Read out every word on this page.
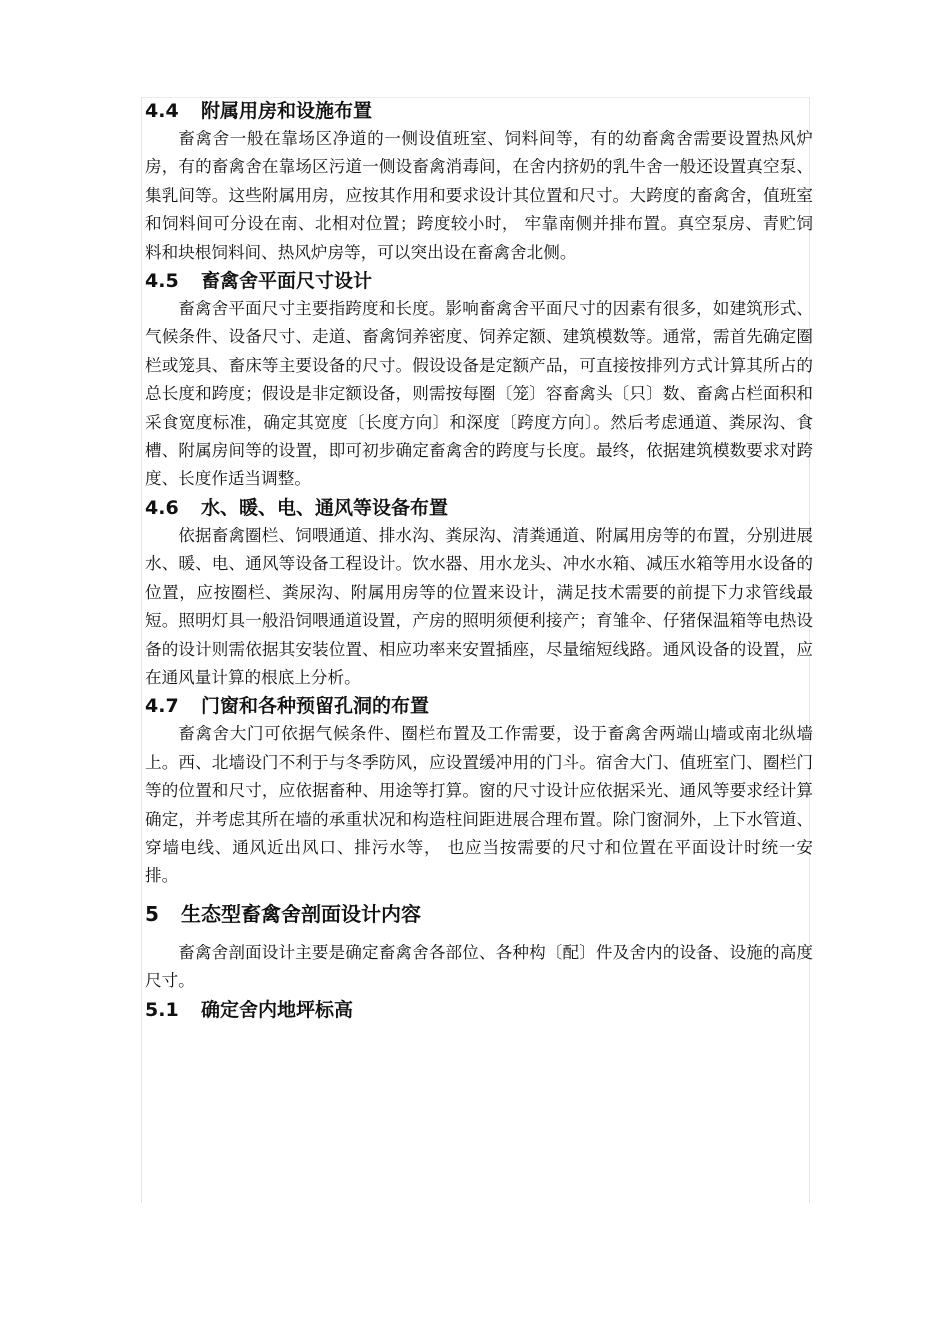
4.4 附属用房和设施布置

畜禽舍一般在靠场区净道的一侧设值班室、饲料间等，有的幼畜禽舍需要设置热风炉房，有的畜禽舍在靠场区污道一侧设畜禽消毒间，在舍内挤奶的乳牛舍一般还设置真空泵、集乳间等。这些附属用房，应按其作用和要求设计其位置和尺寸。大跨度的畜禽舍，值班室和饲料间可分设在南、北相对位置；跨度较小时， 牢靠南侧并排布置。真空泵房、青贮饲料和块根饲料间、热风炉房等，可以突出设在畜禽舍北侧。

4.5 畜禽舍平面尺寸设计

畜禽舍平面尺寸主要指跨度和长度。影响畜禽舍平面尺寸的因素有很多，如建筑形式、气候条件、设备尺寸、走道、畜禽饲养密度、饲养定额、建筑模数等。通常，需首先确定圈栏或笼具、畜床等主要设备的尺寸。假设设备是定额产品，可直接按排列方式计算其所占的总长度和跨度；假设是非定额设备，则需按每圈〔笼〕容畜禽头〔只〕数、畜禽占栏面积和采食宽度标准，确定其宽度〔长度方向〕和深度〔跨度方向〕。然后考虑通道、粪尿沟、食槽、附属房间等的设置，即可初步确定畜禽舍的跨度与长度。最终，依据建筑模数要求对跨度、长度作适当调整。

4.6 水、暖、电、通风等设备布置

依据畜禽圈栏、饲喂通道、排水沟、粪尿沟、清粪通道、附属用房等的布置，分别进展水、暖、电、通风等设备工程设计。饮水器、用水龙头、冲水水箱、减压水箱等用水设备的位置，应按圈栏、粪尿沟、附属用房等的位置来设计，满足技术需要的前提下力求管线最短。照明灯具一般沿饲喂通道设置，产房的照明须便利接产；育雏伞、仔猪保温箱等电热设备的设计则需依据其安装位置、相应功率来安置插座，尽量缩短线路。通风设备的设置，应在通风量计算的根底上分析。

4.7 门窗和各种预留孔洞的布置

畜禽舍大门可依据气候条件、圈栏布置及工作需要，设于畜禽舍两端山墙或南北纵墙上。西、北墙设门不利于与冬季防风，应设置缓冲用的门斗。宿舍大门、值班室门、圈栏门等的位置和尺寸，应依据畜种、用途等打算。窗的尺寸设计应依据采光、通风等要求经计算确定，并考虑其所在墙的承重状况和构造柱间距进展合理布置。除门窗洞外，上下水管道、穿墙电线、通风近出风口、排污水等， 也应当按需要的尺寸和位置在平面设计时统一安排。

5 生态型畜禽舍剖面设计内容

畜禽舍剖面设计主要是确定畜禽舍各部位、各种构〔配〕件及舍内的设备、设施的高度尺寸。

5.1 确定舍内地坪标高
